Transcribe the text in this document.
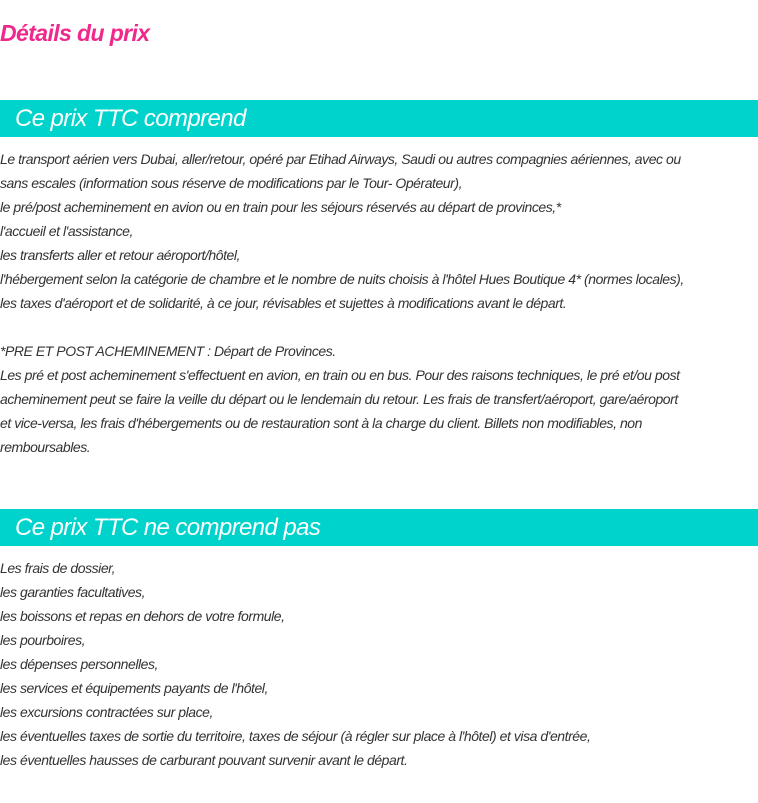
Détails du prix
Ce prix TTC comprend

Le transport aérien vers Dubai, aller/retour, opéré par Etihad Airways, Saudi ou autres compagnies aériennes, avec ou

sans escales (information sous réserve de modifications par le Tour- Opérateur),

le pré/post acheminement en avion ou en train pour les séjours réservés au départ de provinces,*

l'accueil et l'assistance,

les transferts aller et retour aéroport/hôtel,

l'hébergement selon la catégorie de chambre et le nombre de nuits choisis à l'hôtel Hues Boutique 4* (normes locales),

les taxes d'aéroport et de solidarité, à ce jour, révisables et sujettes à modifications avant le départ.

*PRE ET POST ACHEMINEMENT : Départ de Provinces.

Les pré et post acheminement s'effectuent en avion, en train ou en bus. Pour des raisons techniques, le pré et/ou post

acheminement peut se faire la veille du départ ou le lendemain du retour. Les frais de transfert/aéroport, gare/aéroport

et vice-versa, les frais d'hébergements ou de restauration sont à la charge du client. Billets non modifiables, non

remboursables.

Ce prix TTC ne comprend pas

Les frais de dossier,

les garanties facultatives,

les boissons et repas en dehors de votre formule,

les pourboires,

les dépenses personnelles,

les services et équipements payants de l'hôtel,

les excursions contractées sur place,

les éventuelles taxes de sortie du territoire, taxes de séjour (à régler sur place à l'hôtel) et visa d'entrée,

les éventuelles hausses de carburant pouvant survenir avant le départ.
